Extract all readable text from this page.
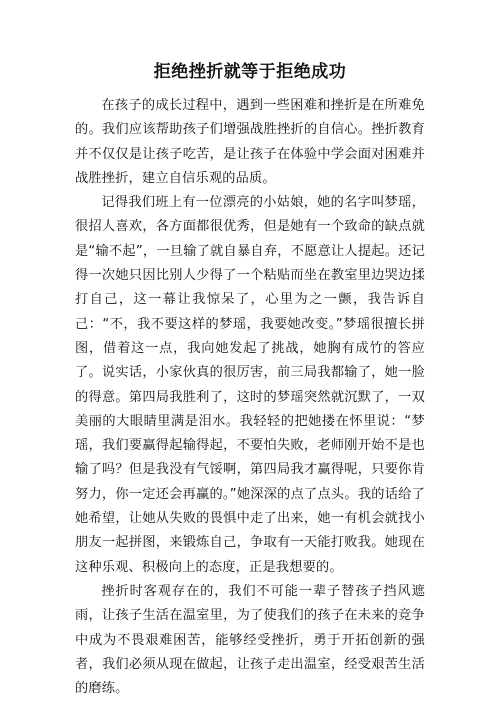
拒绝挫折就等于拒绝成功

在孩子的成长过程中，遇到一些困难和挫折是在所难免的。我们应该帮助孩子们增强战胜挫折的自信心。挫折教育并不仅仅是让孩子吃苦，是让孩子在体验中学会面对困难并战胜挫折，建立自信乐观的品质。

记得我们班上有一位漂亮的小姑娘，她的名字叫梦瑶，很招人喜欢，各方面都很优秀，但是她有一个致命的缺点就是“输不起”，一旦输了就自暴自弃，不愿意让人提起。还记得一次她只因比别人少得了一个粘贴而坐在教室里边哭边揉打自己，这一幕让我惊呆了，心里为之一颤，我告诉自己：“不，我不要这样的梦瑶，我要她改变。”梦瑶很擅长拼图，借着这一点，我向她发起了挑战，她胸有成竹的答应了。说实话，小家伙真的很厉害，前三局我都输了，她一脸的得意。第四局我胜利了，这时的梦瑶突然就沉默了，一双美丽的大眼睛里满是泪水。我轻轻的把她搂在怀里说：“梦瑶，我们要赢得起输得起，不要怕失败，老师刚开始不是也输了吗？但是我没有气馁啊，第四局我才赢得呢，只要你肯努力，你一定还会再赢的。”她深深的点了点头。我的话给了她希望，让她从失败的畏惧中走了出来，她一有机会就找小朋友一起拼图，来锻炼自己，争取有一天能打败我。她现在这种乐观、积极向上的态度，正是我想要的。

挫折时客观存在的，我们不可能一辈子替孩子挡风遮雨，让孩子生活在温室里，为了使我们的孩子在未来的竞争中成为不畏艰难困苦，能够经受挫折，勇于开拓创新的强者，我们必须从现在做起，让孩子走出温室，经受艰苦生活的磨练。
